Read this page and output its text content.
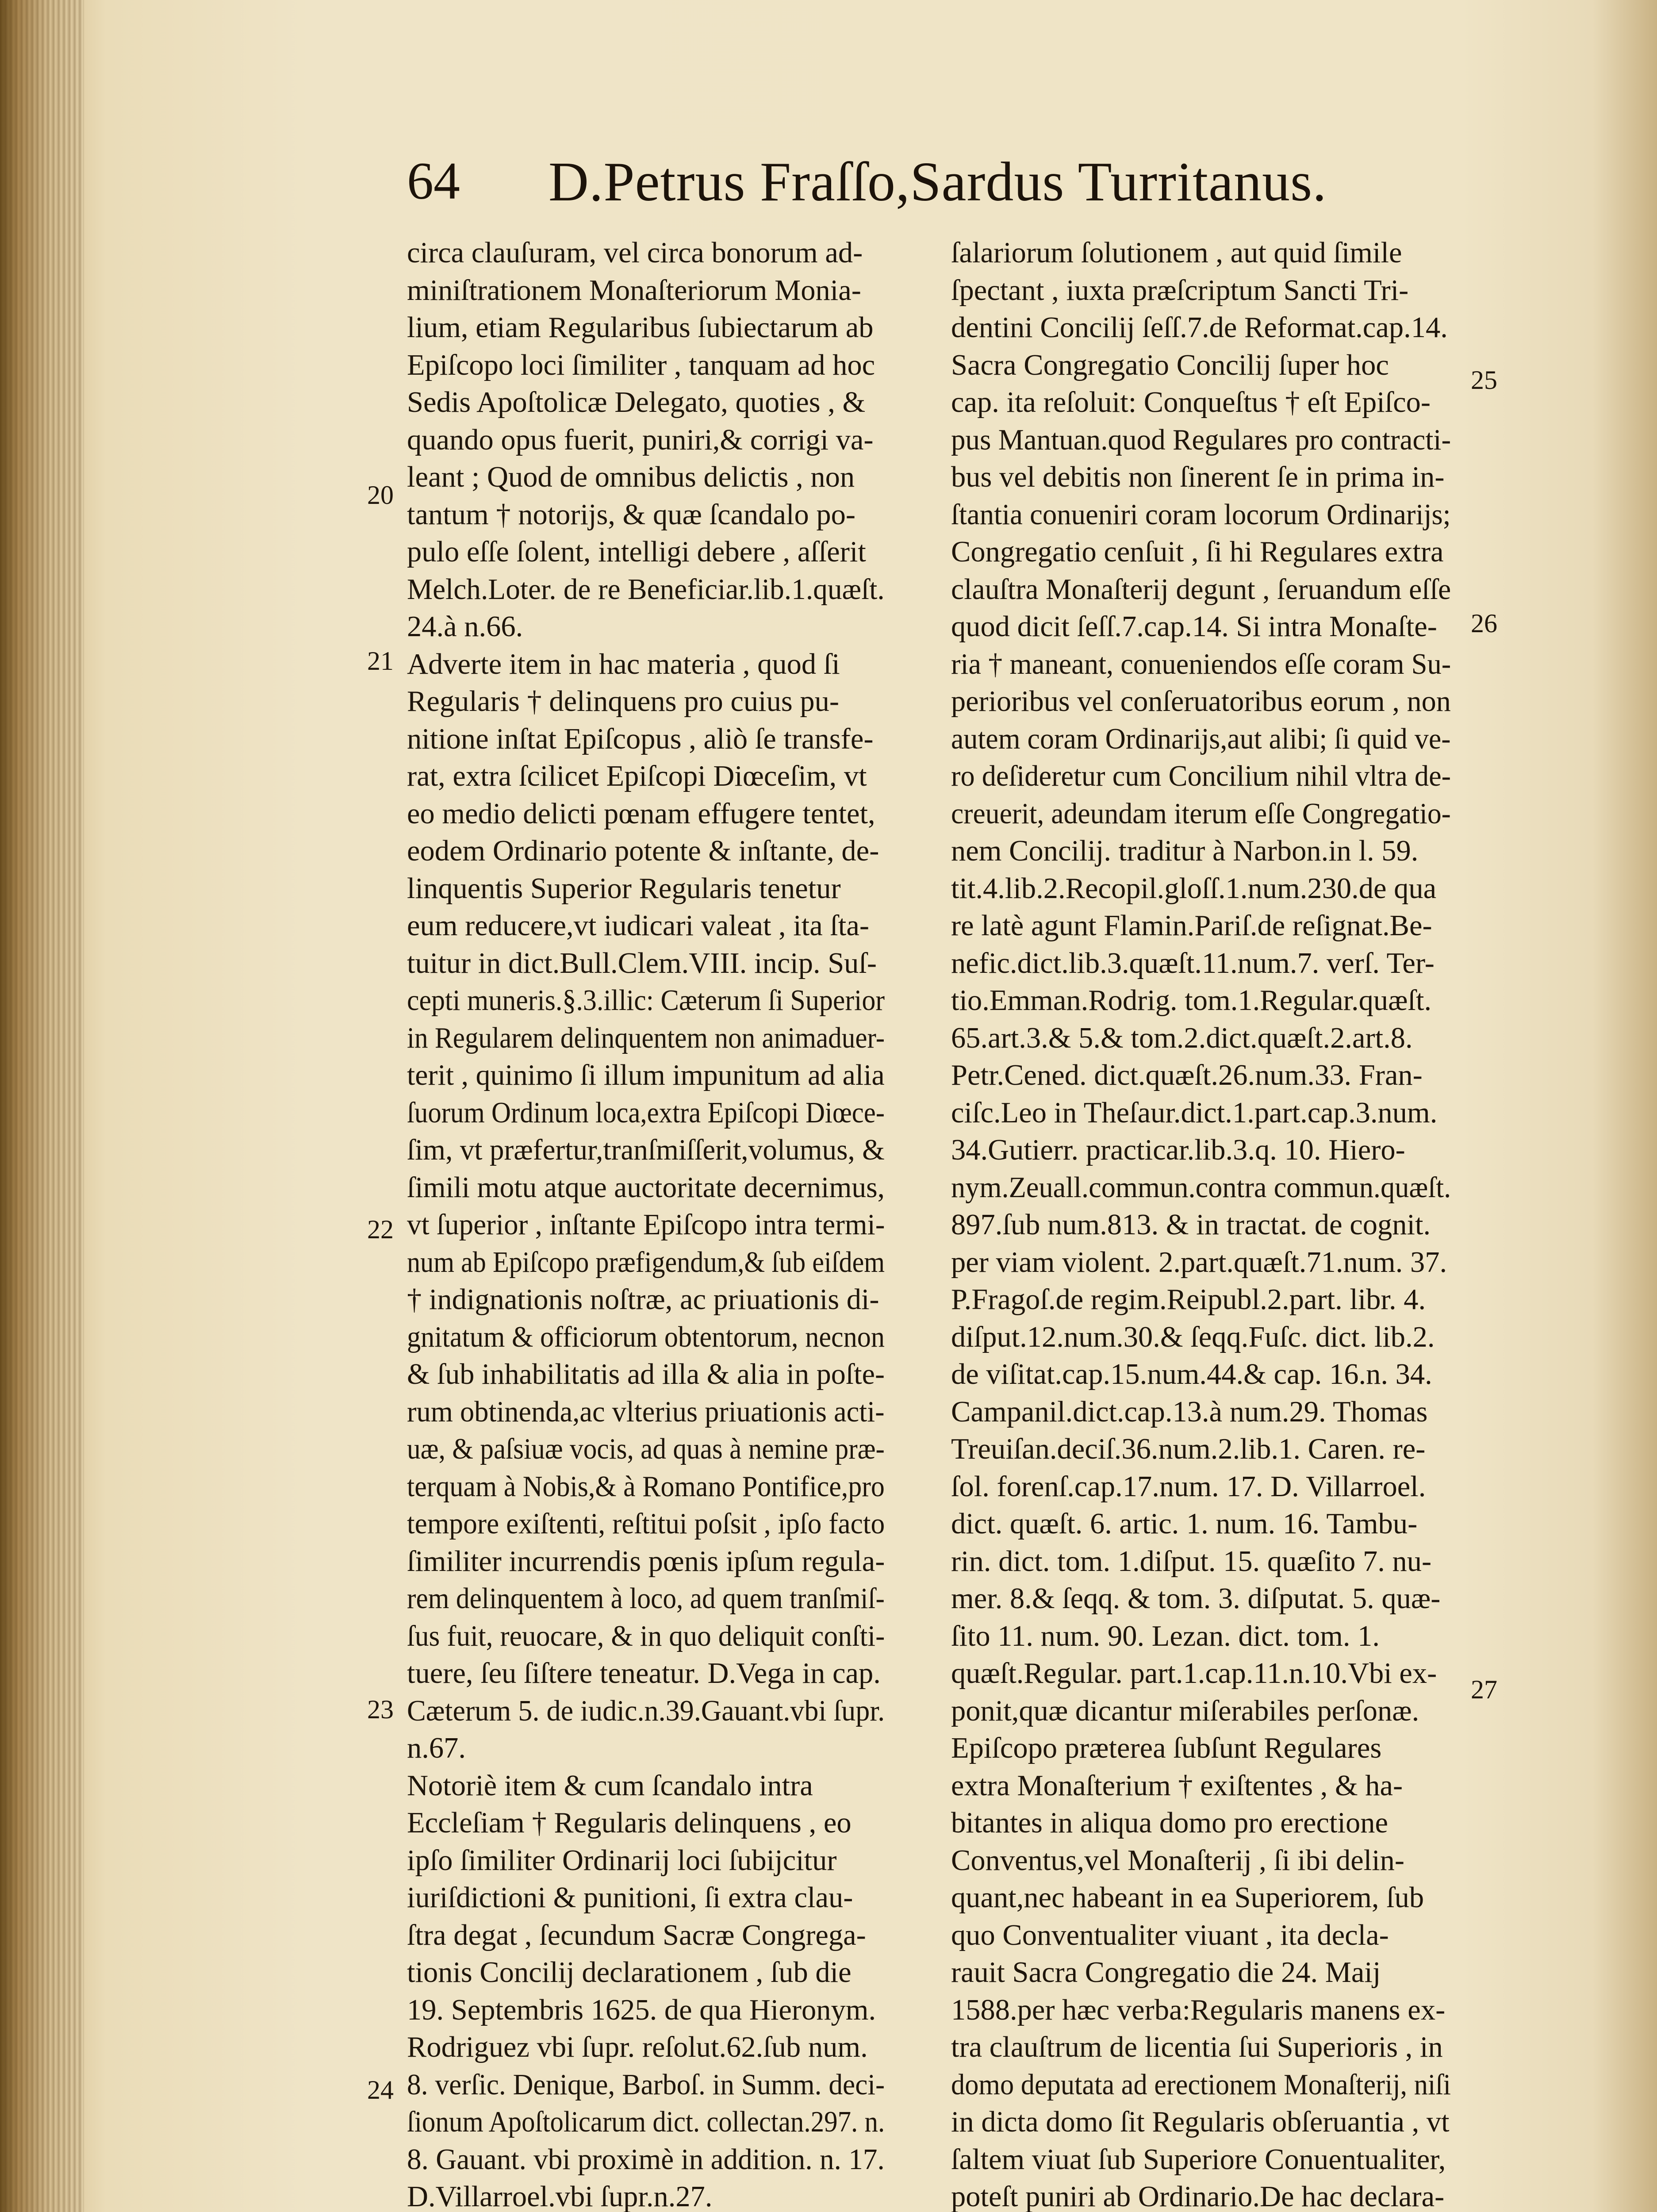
64 D.Petrus Fraſſo,Sardus Turritanus.
circa clauſuram, vel circa bonorum ad-
miniſtrationem Monaſteriorum Monia-
lium, etiam Regularibus ſubiectarum ab
Epiſcopo loci ſimiliter , tanquam ad hoc
Sedis Apoſtolicæ Delegato, quoties , &
quando opus fuerit, puniri,& corrigi va-
leant ; Quod de omnibus delictis , non
tantum † notorijs, & quæ ſcandalo po-
pulo eſſe ſolent, intelligi debere , aſſerit
Melch.Loter. de re Beneficiar.lib.1.quæſt.
24.à n.66.
Adverte item in hac materia , quod ſi
Regularis † delinquens pro cuius pu-
nitione inſtat Epiſcopus , aliò ſe transfe-
rat, extra ſcilicet Epiſcopi Diœceſim, vt
eo medio delicti pœnam effugere tentet,
eodem Ordinario potente & inſtante, de-
linquentis Superior Regularis tenetur
eum reducere,vt iudicari valeat , ita ſta-
tuitur in dict.Bull.Clem.VIII. incip. Suſ-
cepti muneris.§.3.illic: Cæterum ſi Superior
in Regularem delinquentem non animaduer-
terit , quinimo ſi illum impunitum ad alia
ſuorum Ordinum loca,extra Epiſcopi Diœce-
ſim, vt præfertur,tranſmiſſerit,volumus, &
ſimili motu atque auctoritate decernimus,
vt ſuperior , inſtante Epiſcopo intra termi-
num ab Epiſcopo præfigendum,& ſub eiſdem
† indignationis noſtræ, ac priuationis di-
gnitatum & officiorum obtentorum, necnon
& ſub inhabilitatis ad illa & alia in poſte-
rum obtinenda,ac vlterius priuationis acti-
uæ, & paſsiuæ vocis, ad quas à nemine præ-
terquam à Nobis,& à Romano Pontifice,pro
tempore exiſtenti, reſtitui poſsit , ipſo facto
ſimiliter incurrendis pœnis ipſum regula-
rem delinquentem à loco, ad quem tranſmiſ-
ſus fuit, reuocare, & in quo deliquit conſti-
tuere, ſeu ſiſtere teneatur. D.Vega in cap.
Cæterum 5. de iudic.n.39.Gauant.vbi ſupr.
n.67.
Notoriè item & cum ſcandalo intra
Eccleſiam † Regularis delinquens , eo
ipſo ſimiliter Ordinarij loci ſubijcitur
iuriſdictioni & punitioni, ſi extra clau-
ſtra degat , ſecundum Sacræ Congrega-
tionis Concilij declarationem , ſub die
19. Septembris 1625. de qua Hieronym.
Rodriguez vbi ſupr. reſolut.62.ſub num.
8. verſic. Denique, Barboſ. in Summ. deci-
ſionum Apoſtolicarum dict. collectan.297. n.
8. Gauant. vbi proximè in addition. n. 17.
D.Villarroel.vbi ſupr.n.27.
ſalariorum ſolutionem , aut quid ſimile
ſpectant , iuxta præſcriptum Sancti Tri-
dentini Concilij ſeſſ.7.de Reformat.cap.14.
Sacra Congregatio Concilij ſuper hoc
cap. ita reſoluit: Conqueſtus † eſt Epiſco-
pus Mantuan.quod Regulares pro contracti-
bus vel debitis non ſinerent ſe in prima in-
ſtantia conueniri coram locorum Ordinarijs;
Congregatio cenſuit , ſi hi Regulares extra
clauſtra Monaſterij degunt , ſeruandum eſſe
quod dicit ſeſſ.7.cap.14. Si intra Monaſte-
ria † maneant, conueniendos eſſe coram Su-
perioribus vel conſeruatoribus eorum , non
autem coram Ordinarijs,aut alibi; ſi quid ve-
ro deſideretur cum Concilium nihil vltra de-
creuerit, adeundam iterum eſſe Congregatio-
nem Concilij. traditur à Narbon.in l. 59.
tit.4.lib.2.Recopil.gloſſ.1.num.230.de qua
re latè agunt Flamin.Pariſ.de reſignat.Be-
nefic.dict.lib.3.quæſt.11.num.7. verſ. Ter-
tio.Emman.Rodrig. tom.1.Regular.quæſt.
65.art.3.& 5.& tom.2.dict.quæſt.2.art.8.
Petr.Cened. dict.quæſt.26.num.33. Fran-
ciſc.Leo in Theſaur.dict.1.part.cap.3.num.
34.Gutierr. practicar.lib.3.q. 10. Hiero-
nym.Zeuall.commun.contra commun.quæſt.
897.ſub num.813. & in tractat. de cognit.
per viam violent. 2.part.quæſt.71.num. 37.
P.Fragoſ.de regim.Reipubl.2.part. libr. 4.
diſput.12.num.30.& ſeqq.Fuſc. dict. lib.2.
de viſitat.cap.15.num.44.& cap. 16.n. 34.
Campanil.dict.cap.13.à num.29. Thomas
Treuiſan.deciſ.36.num.2.lib.1. Caren. re-
ſol. forenſ.cap.17.num. 17. D. Villarroel.
dict. quæſt. 6. artic. 1. num. 16. Tambu-
rin. dict. tom. 1.diſput. 15. quæſito 7. nu-
mer. 8.& ſeqq. & tom. 3. diſputat. 5. quæ-
ſito 11. num. 90. Lezan. dict. tom. 1.
quæſt.Regular. part.1.cap.11.n.10.Vbi ex-
ponit,quæ dicantur miſerabiles perſonæ.
Epiſcopo præterea ſubſunt Regulares
extra Monaſterium † exiſtentes , & ha-
bitantes in aliqua domo pro erectione
Conventus,vel Monaſterij , ſi ibi delin-
quant,nec habeant in ea Superiorem, ſub
quo Conventualiter viuant , ita decla-
rauit Sacra Congregatio die 24. Maij
1588.per hæc verba:Regularis manens ex-
tra clauſtrum de licentia ſui Superioris , in
domo deputata ad erectionem Monaſterij, niſi
in dicta domo ſit Regularis obſeruantia , vt
ſaltem viuat ſub Superiore Conuentualiter,
poteſt puniri ab Ordinario.De hac declara-
20
21
22
23
24
25
26
27
